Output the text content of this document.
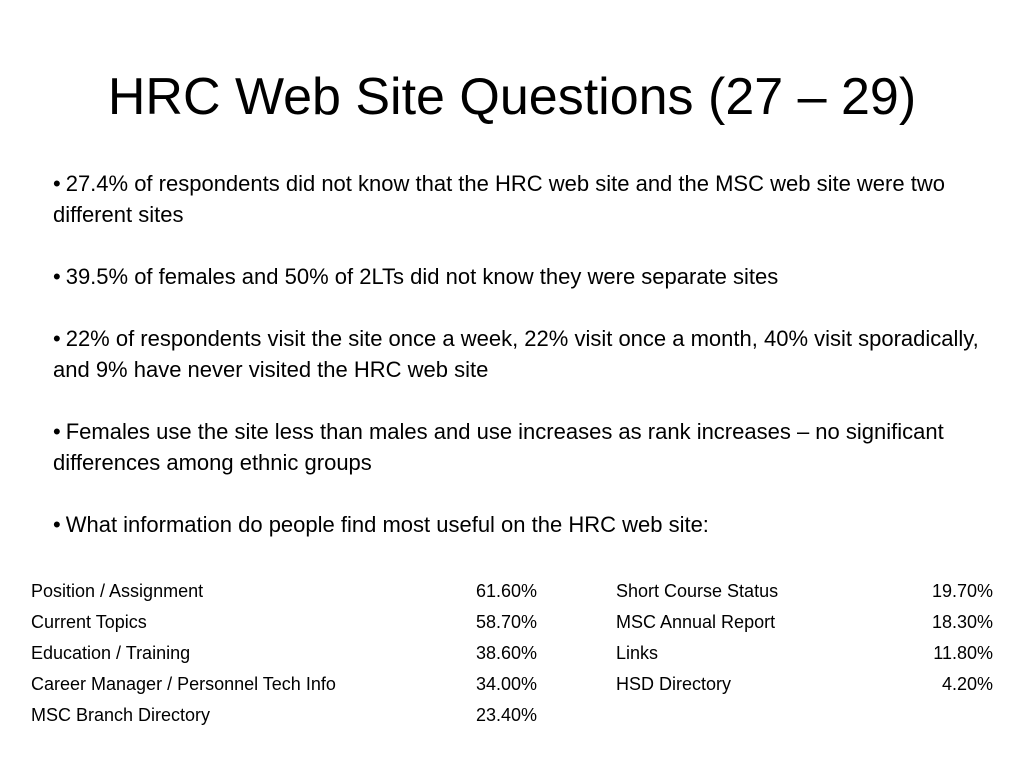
HRC Web Site Questions (27 – 29)
• 27.4% of respondents did not know that the HRC web site and the MSC web site were two different sites
• 39.5% of females and 50% of 2LTs did not know they were separate sites
• 22% of respondents visit the site once a week, 22% visit once a month, 40% visit sporadically, and 9% have never visited the HRC web site
• Females use the site less than males and use increases as rank increases – no significant differences among ethnic groups
• What information do people find most useful on the HRC web site:
Position / Assignment	61.60%
Current Topics	58.70%
Education / Training	38.60%
Career Manager / Personnel Tech Info	34.00%
MSC Branch Directory	23.40%
Short Course Status	19.70%
MSC Annual Report	18.30%
Links	11.80%
HSD Directory	4.20%
